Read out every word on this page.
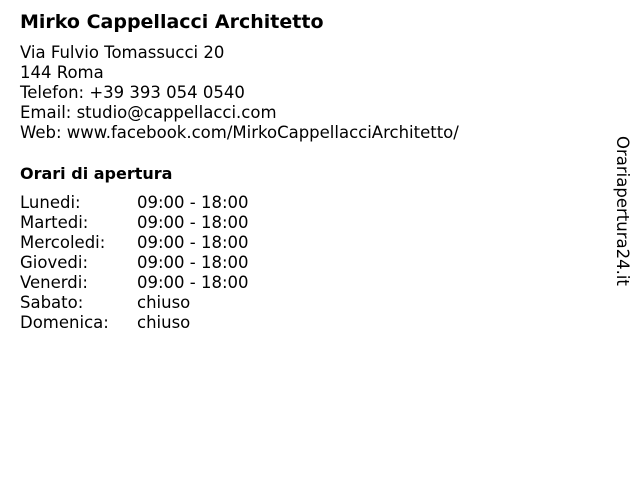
Mirko Cappellacci Architetto
Via Fulvio Tomassucci 20
144 Roma
Telefon: +39 393 054 0540
Email: studio@cappellacci.com
Web: www.facebook.com/MirkoCappellacciArchitetto/
Orari di apertura
Lunedi:	09:00 - 18:00
Martedi:	09:00 - 18:00
Mercoledi:	09:00 - 18:00
Giovedi:	09:00 - 18:00
Venerdi:	09:00 - 18:00
Sabato:	chiuso
Domenica:	chiuso
Orariapertura24.it
